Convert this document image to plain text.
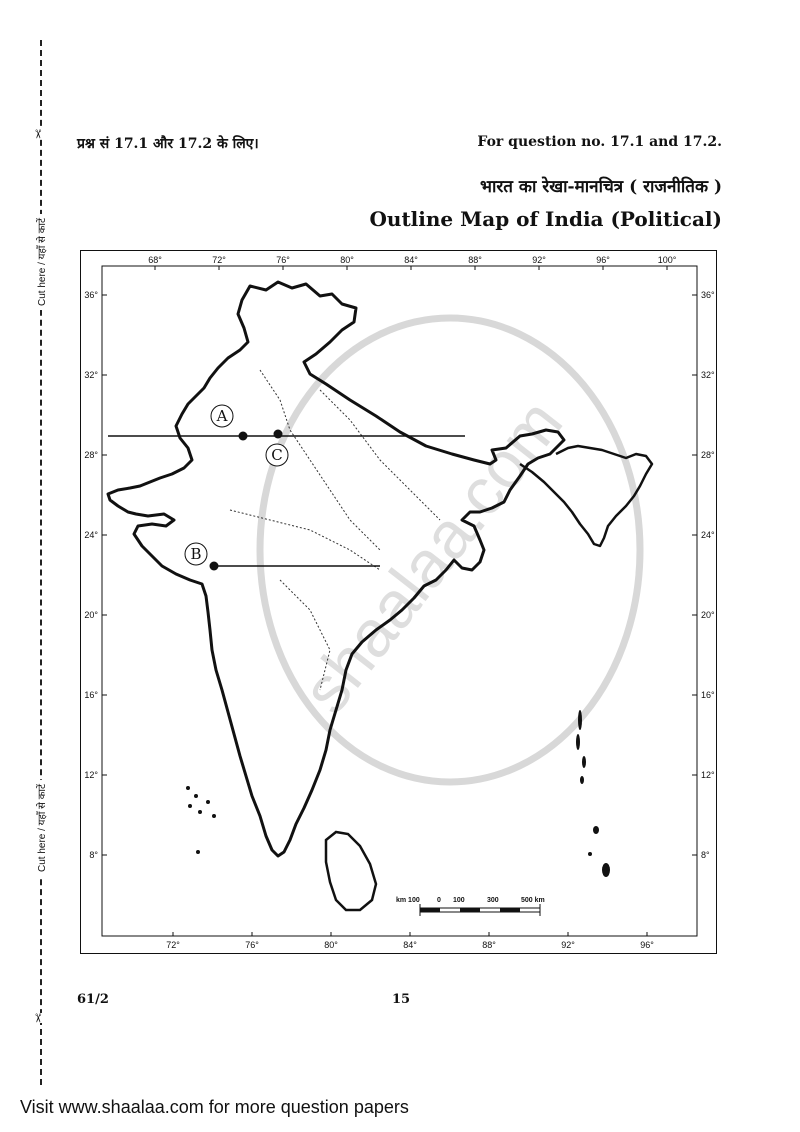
✂
Cut here / यहाँ से काटें
Cut here / यहाँ से काटें
✂
प्रश्न सं 17.1 और 17.2 के लिए।	For question no. 17.1 and 17.2.
भारत का रेखा-मानचित्र ( राजनीतिक )
Outline Map of India (Political)
shaalaa.com
68°	72°	76°	80°	84°	88°	92°	96°	100°
72°	76°	80°	84°	88°	92°	96°
36°
32°
28°
24°
20°
16°
12°
8°
36°
32°
28°
24°
20°
16°
12°
8°
A
C
B
km 100 0 100	300	500 km
61/2	15
Visit www.shaalaa.com for more question papers
